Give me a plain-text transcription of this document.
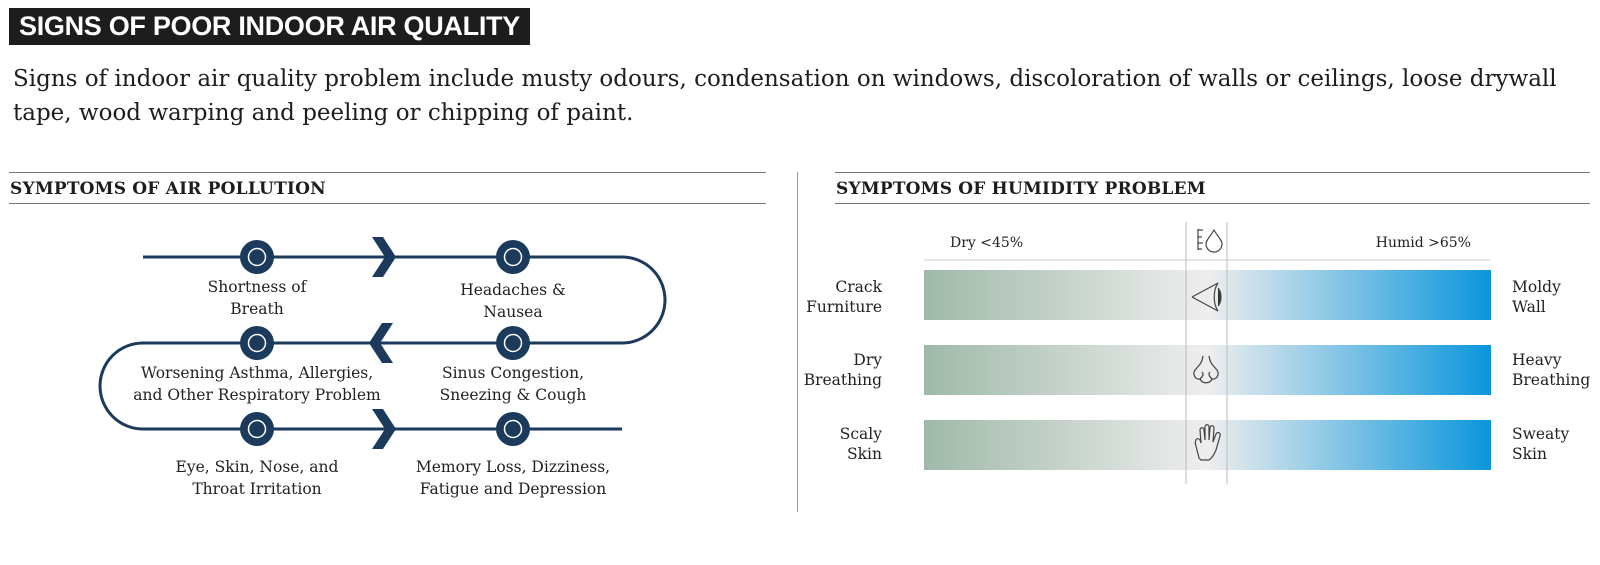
SIGNS OF POOR INDOOR AIR QUALITY
Signs of indoor air quality problem include musty odours, condensation on windows, discoloration of walls or ceilings, loose drywall tape, wood warping and peeling or chipping of paint.
SYMPTOMS OF AIR POLLUTION	SYMPTOMS OF HUMIDITY PROBLEM
Shortness of
Breath
Headaches &
Nausea
Sinus Congestion,
Sneezing & Cough
Worsening Asthma, Allergies,
and Other Respiratory Problem
Eye, Skin, Nose, and
Throat Irritation
Memory Loss, Dizziness,
Fatigue and Depression
Dry <45%	Humid >65%
Crack
Furniture
Dry
Breathing
Scaly
Skin
Moldy
Wall
Heavy
Breathing
Sweaty
Skin
